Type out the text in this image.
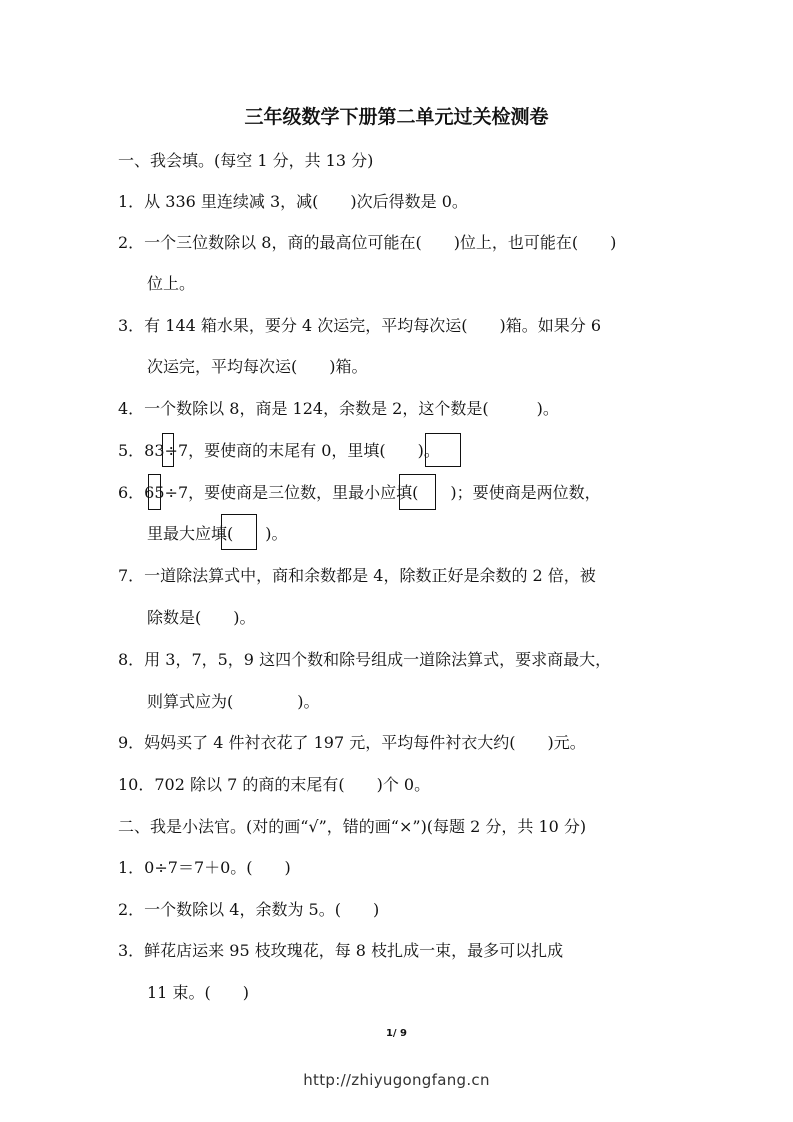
三年级数学下册第二单元过关检测卷
一、我会填。(每空 1 分，共 13 分)
1．从 336 里连续减 3，减(　　)次后得数是 0。
2．一个三位数除以 8，商的最高位可能在(　　)位上，也可能在(　　)
位上。
3．有 144 箱水果，要分 4 次运完，平均每次运(　　)箱。如果分 6
次运完，平均每次运(　　)箱。
4．一个数除以 8，商是 124，余数是 2，这个数是(　　　)。
5．83÷7，要使商的末尾有 0，里填(　　)。
6．65÷7，要使商是三位数，里最小应填(　　)；要使商是两位数，
里最大应填(　　)。
7．一道除法算式中，商和余数都是 4，除数正好是余数的 2 倍，被
除数是(　　)。
8．用 3，7，5，9 这四个数和除号组成一道除法算式，要求商最大，
则算式应为(　　　　)。
9．妈妈买了 4 件衬衣花了 197 元，平均每件衬衣大约(　　)元。
10．702 除以 7 的商的末尾有(　　)个 0。
二、我是小法官。(对的画“√”，错的画“×”)(每题 2 分，共 10 分)
1．0÷7＝7＋0。(　　)
2．一个数除以 4，余数为 5。(　　)
3．鲜花店运来 95 枝玫瑰花，每 8 枝扎成一束，最多可以扎成
11 束。(　　)
1/ 9
http://zhiyugongfang.cn
